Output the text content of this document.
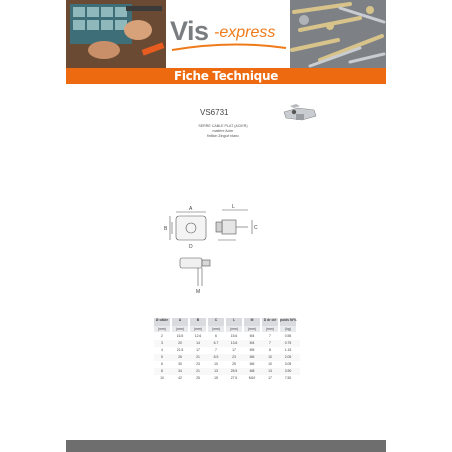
Vis -express
Fiche Technique
VS6731
SERRE CABLE PLAT (ACIER)
matière Acier
finition Zingué blanc
A
B
D
C
L
M
Ø câble	A	B	C	L	M	D dr clé	poids N/%
(mm)	(mm)	(mm)	(mm)	(mm)	(mm)	(mm)	(kg)
2	16.5	12.6	6	15.6	M4	7	0.55
3	20	14	6.7	13.6	M4	7	0.75
4	21.5	17	7	17	M5	8	1.15
5	26	21	8.5	23	M6	10	2.05
6	30	23	10	25	M6	10	3.05
8	34	21	13	25.5	M8	13	3.90
10	42	25	15	27.5	M10	17	7.50
